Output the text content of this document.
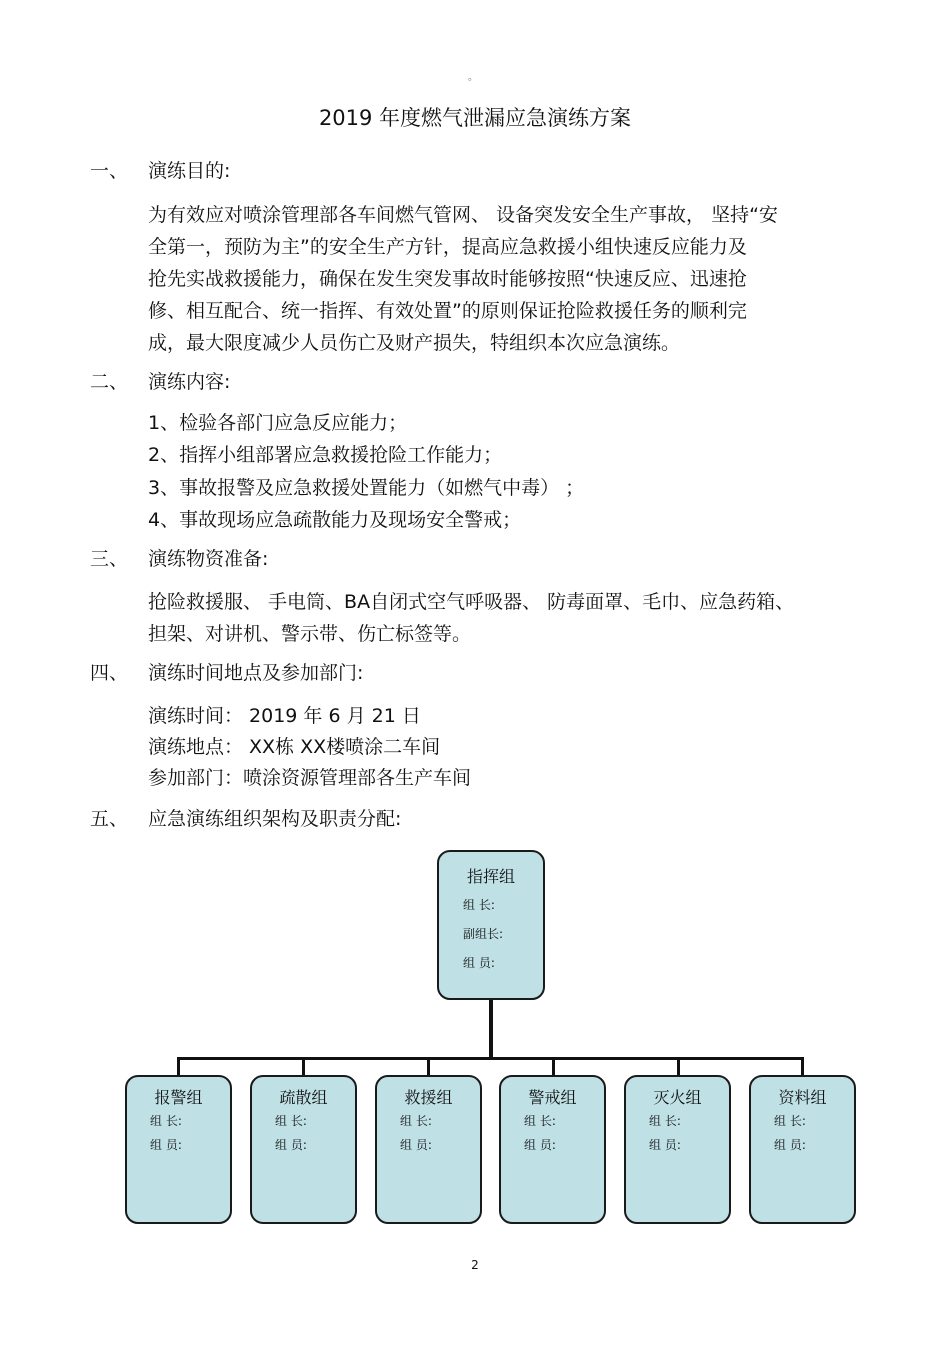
。
2019 年度燃气泄漏应急演练方案
一、 演练目的:
为有效应对喷涂管理部各车间燃气管网、 设备突发安全生产事故， 坚持“安
全第一，预防为主”的安全生产方针，提高应急救援小组快速反应能力及
抢先实战救援能力，确保在发生突发事故时能够按照“快速反应、迅速抢
修、相互配合、统一指挥、有效处置”的原则保证抢险救援任务的顺利完
成，最大限度减少人员伤亡及财产损失，特组织本次应急演练。
二、 演练内容:
1、检验各部门应急反应能力；
2、指挥小组部署应急救援抢险工作能力；
3、事故报警及应急救援处置能力（如燃气中毒） ；
4、事故现场应急疏散能力及现场安全警戒；
三、 演练物资准备:
抢险救援服、 手电筒、BA自闭式空气呼吸器、 防毒面罩、毛巾、应急药箱、
担架、对讲机、警示带、伤亡标签等。
四、 演练时间地点及参加部门:
演练时间： 2019 年 6 月 21 日
演练地点： XX栋 XX楼喷涂二车间
参加部门：喷涂资源管理部各生产车间
五、 应急演练组织架构及职责分配:
指挥组
组 长:
副组长:
组 员:
报警组
组 长:
组 员:
疏散组
组 长:
组 员:
救援组
组 长:
组 员:
警戒组
组 长:
组 员:
灭火组
组 长:
组 员:
资料组
组 长:
组 员:
2
